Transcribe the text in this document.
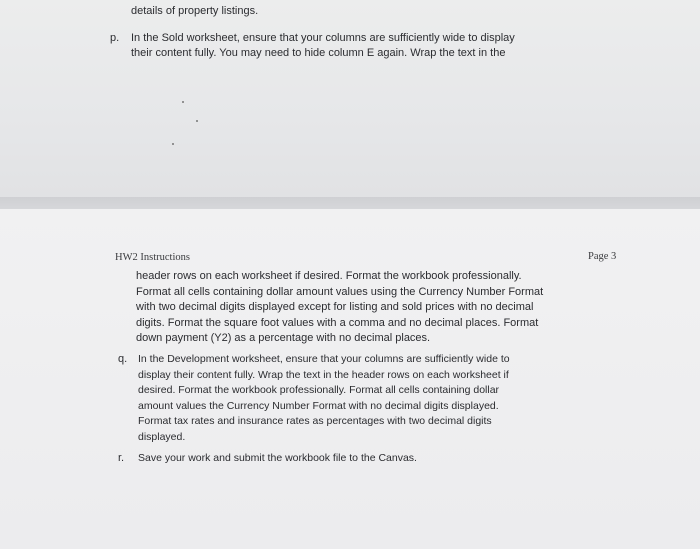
details of property listings.
p. In the Sold worksheet, ensure that your columns are sufficiently wide to display
their content fully. You may need to hide column E again. Wrap the text in the
HW2 Instructions	Page 3
header rows on each worksheet if desired. Format the workbook professionally.
Format all cells containing dollar amount values using the Currency Number Format
with two decimal digits displayed except for listing and sold prices with no decimal
digits. Format the square foot values with a comma and no decimal places. Format
down payment (Y2) as a percentage with no decimal places.
q. In the Development worksheet, ensure that your columns are sufficiently wide to
display their content fully. Wrap the text in the header rows on each worksheet if
desired. Format the workbook professionally. Format all cells containing dollar
amount values the Currency Number Format with no decimal digits displayed.
Format tax rates and insurance rates as percentages with two decimal digits
displayed.
r. Save your work and submit the workbook file to the Canvas.
